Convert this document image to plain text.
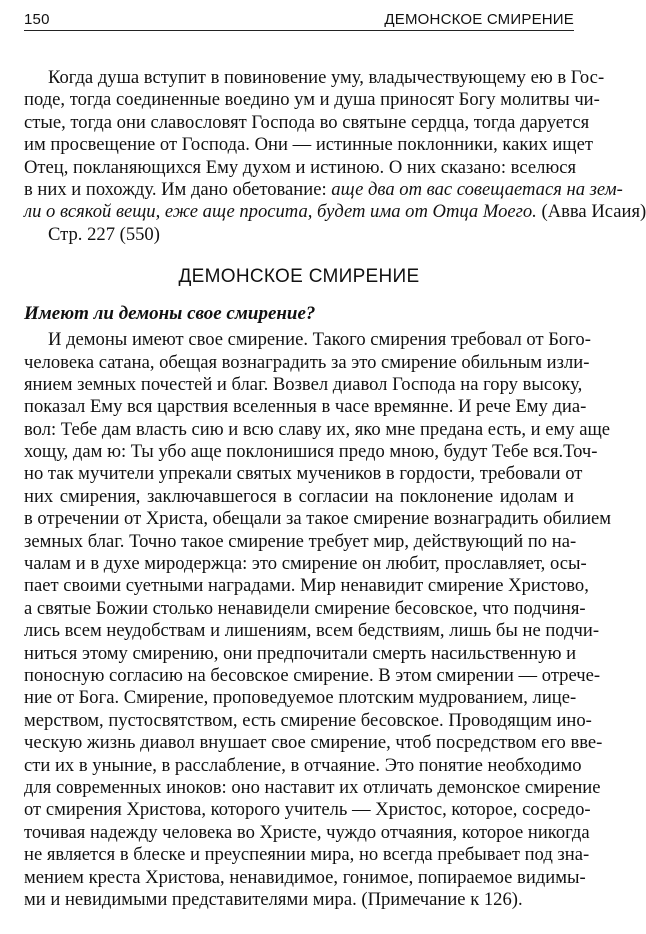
150	ДЕМОНСКОЕ СМИРЕНИЕ
Когда душа вступит в повиновение уму, владычествующему ею в Гос-
поде, тогда соединенные воедино ум и душа приносят Богу молитвы чи-
стые, тогда они славословят Господа во святыне сердца, тогда даруется
им просвещение от Господа. Они — истинные поклонники, каких ищет
Отец, покланяющихся Ему духом и истиною. О них сказано: вселюся
в них и похожду. Им дано обетование: аще два от вас совещаетася на зем-
ли о всякой вещи, еже аще просита, будет има от Отца Моего. (Авва Исаия)
Стр. 227 (550)
ДЕМОНСКОЕ СМИРЕНИЕ
Имеют ли демоны свое смирение?
И демоны имеют свое смирение. Такого смирения требовал от Бого-
человека сатана, обещая вознаградить за это смирение обильным изли-
янием земных почестей и благ. Возвел диавол Господа на гору высоку,
показал Ему вся царствия вселенныя в часе времянне. И рече Ему диа-
вол: Тебе дам власть сию и всю славу их, яко мне предана есть, и ему аще
хощу, дам ю: Ты убо аще поклонишися предо мною, будут Тебе вся.Точ-
но так мучители упрекали святых мучеников в гордости, требовали от
них смирения, заключавшегося в согласии на поклонение идолам и
в отречении от Христа, обещали за такое смирение вознаградить обилием
земных благ. Точно такое смирение требует мир, действующий по на-
чалам и в духе миродержца: это смирение он любит, прославляет, осы-
пает своими суетными наградами. Мир ненавидит смирение Христово,
а святые Божии столько ненавидели смирение бесовское, что подчиня-
лись всем неудобствам и лишениям, всем бедствиям, лишь бы не подчи-
ниться этому смирению, они предпочитали смерть насильственную и
поносную согласию на бесовское смирение. В этом смирении — отрече-
ние от Бога. Смирение, проповедуемое плотским мудрованием, лице-
мерством, пустосвятством, есть смирение бесовское. Проводящим ино-
ческую жизнь диавол внушает свое смирение, чтоб посредством его вве-
сти их в уныние, в расслабление, в отчаяние. Это понятие необходимо
для современных иноков: оно наставит их отличать демонское смирение
от смирения Христова, которого учитель — Христос, которое, сосредо-
точивая надежду человека во Христе, чуждо отчаяния, которое никогда
не является в блеске и преуспеянии мира, но всегда пребывает под зна-
мением креста Христова, ненавидимое, гонимое, попираемое видимы-
ми и невидимыми представителями мира. (Примечание к 126).
